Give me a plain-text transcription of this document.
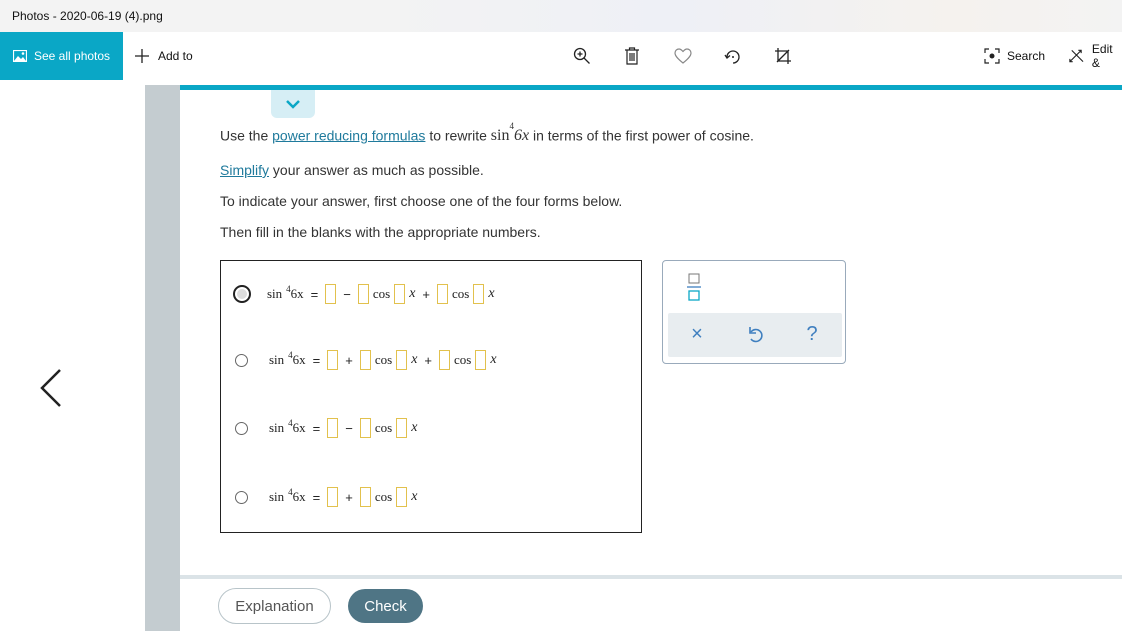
Photos - 2020-06-19 (4).png
See all photos	Add to	Search	Edit &
Use the power reducing formulas to rewrite $\sin^46x$ in terms of the first power of cosine.
Simplify your answer as much as possible.
To indicate your answer, first choose one of the four forms below.
Then fill in the blanks with the appropriate numbers.
sin $^4$ 6x = − cos x + cos x
sin $^4$ 6x = + cos x + cos x
sin $^4$ 6x = − cos x
sin $^4$ 6x = + cos x
×	?
Explanation	Check
